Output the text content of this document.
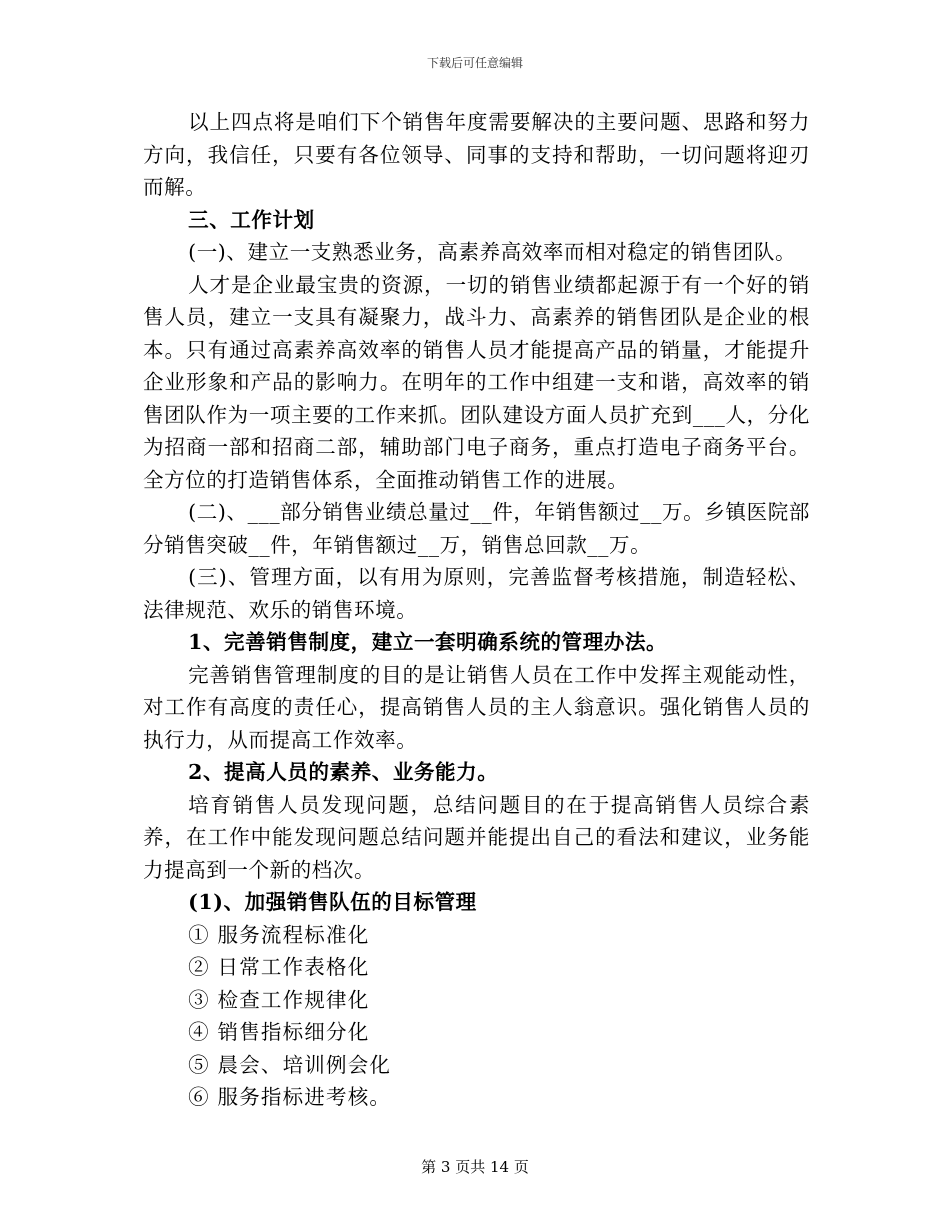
下载后可任意编辑

以上四点将是咱们下个销售年度需要解决的主要问题、思路和努力方向，我信任，只要有各位领导、同事的支持和帮助，一切问题将迎刃而解。

三、工作计划

(一)、建立一支熟悉业务，高素养高效率而相对稳定的销售团队。

人才是企业最宝贵的资源，一切的销售业绩都起源于有一个好的销售人员，建立一支具有凝聚力，战斗力、高素养的销售团队是企业的根本。只有通过高素养高效率的销售人员才能提高产品的销量，才能提升企业形象和产品的影响力。在明年的工作中组建一支和谐，高效率的销售团队作为一项主要的工作来抓。团队建设方面人员扩充到___人，分化为招商一部和招商二部，辅助部门电子商务，重点打造电子商务平台。全方位的打造销售体系，全面推动销售工作的进展。

(二)、___部分销售业绩总量过__件，年销售额过__万。乡镇医院部分销售突破__件，年销售额过__万，销售总回款__万。

(三)、管理方面，以有用为原则，完善监督考核措施，制造轻松、法律规范、欢乐的销售环境。

1、完善销售制度，建立一套明确系统的管理办法。

完善销售管理制度的目的是让销售人员在工作中发挥主观能动性，对工作有高度的责任心，提高销售人员的主人翁意识。强化销售人员的执行力，从而提高工作效率。

2、提高人员的素养、业务能力。

培育销售人员发现问题，总结问题目的在于提高销售人员综合素养，在工作中能发现问题总结问题并能提出自己的看法和建议，业务能力提高到一个新的档次。

(1)、加强销售队伍的目标管理

① 服务流程标准化

② 日常工作表格化

③ 检查工作规律化

④ 销售指标细分化

⑤ 晨会、培训例会化

⑥ 服务指标进考核。

第 3 页共 14 页
